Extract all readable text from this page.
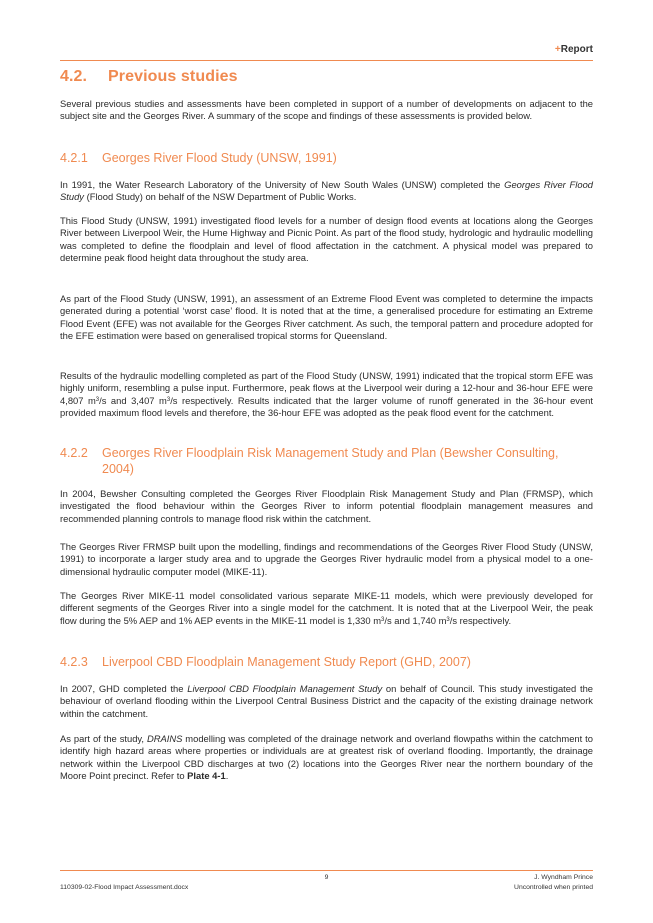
+Report
4.2. Previous studies

Several previous studies and assessments have been completed in support of a number of developments on adjacent to the subject site and the Georges River. A summary of the scope and findings of these assessments is provided below.

4.2.1 Georges River Flood Study (UNSW, 1991)

In 1991, the Water Research Laboratory of the University of New South Wales (UNSW) completed the Georges River Flood Study (Flood Study) on behalf of the NSW Department of Public Works.

This Flood Study (UNSW, 1991) investigated flood levels for a number of design flood events at locations along the Georges River between Liverpool Weir, the Hume Highway and Picnic Point. As part of the flood study, hydrologic and hydraulic modelling was completed to define the floodplain and level of flood affectation in the catchment. A physical model was prepared to determine peak flood height data throughout the study area.

As part of the Flood Study (UNSW, 1991), an assessment of an Extreme Flood Event was completed to determine the impacts generated during a potential ‘worst case’ flood. It is noted that at the time, a generalised procedure for estimating an Extreme Flood Event (EFE) was not available for the Georges River catchment. As such, the temporal pattern and procedure adopted for the EFE estimation were based on generalised tropical storms for Queensland.

Results of the hydraulic modelling completed as part of the Flood Study (UNSW, 1991) indicated that the tropical storm EFE was highly uniform, resembling a pulse input. Furthermore, peak flows at the Liverpool weir during a 12-hour and 36-hour EFE were 4,807 $m^3/s$ and 3,407 $m^3/s$ respectively. Results indicated that the larger volume of runoff generated in the 36-hour event provided maximum flood levels and therefore, the 36-hour EFE was adopted as the peak flood event for the catchment.

4.2.2 Georges River Floodplain Risk Management Study and Plan (Bewsher Consulting, 2004)

In 2004, Bewsher Consulting completed the Georges River Floodplain Risk Management Study and Plan (FRMSP), which investigated the flood behaviour within the Georges River to inform potential floodplain management measures and recommended planning controls to manage flood risk within the catchment.

The Georges River FRMSP built upon the modelling, findings and recommendations of the Georges River Flood Study (UNSW, 1991) to incorporate a larger study area and to upgrade the Georges River hydraulic model from a physical model to a one-dimensional hydraulic computer model (MIKE-11).

The Georges River MIKE-11 model consolidated various separate MIKE-11 models, which were previously developed for different segments of the Georges River into a single model for the catchment. It is noted that at the Liverpool Weir, the peak flow during the 5% AEP and 1% AEP events in the MIKE-11 model is 1,330 $m^3/s$ and 1,740 $m^3/s$ respectively.

4.2.3 Liverpool CBD Floodplain Management Study Report (GHD, 2007)

In 2007, GHD completed the Liverpool CBD Floodplain Management Study on behalf of Council. This study investigated the behaviour of overland flooding within the Liverpool Central Business District and the capacity of the existing drainage network within the catchment.

As part of the study, DRAINS modelling was completed of the drainage network and overland flowpaths within the catchment to identify high hazard areas where properties or individuals are at greatest risk of overland flooding. Importantly, the drainage network within the Liverpool CBD discharges at two (2) locations into the Georges River near the northern boundary of the Moore Point precinct. Refer to Plate 4-1.

9	J. Wyndham Prince
110309-02-Flood Impact Assessment.docx	Uncontrolled when printed
